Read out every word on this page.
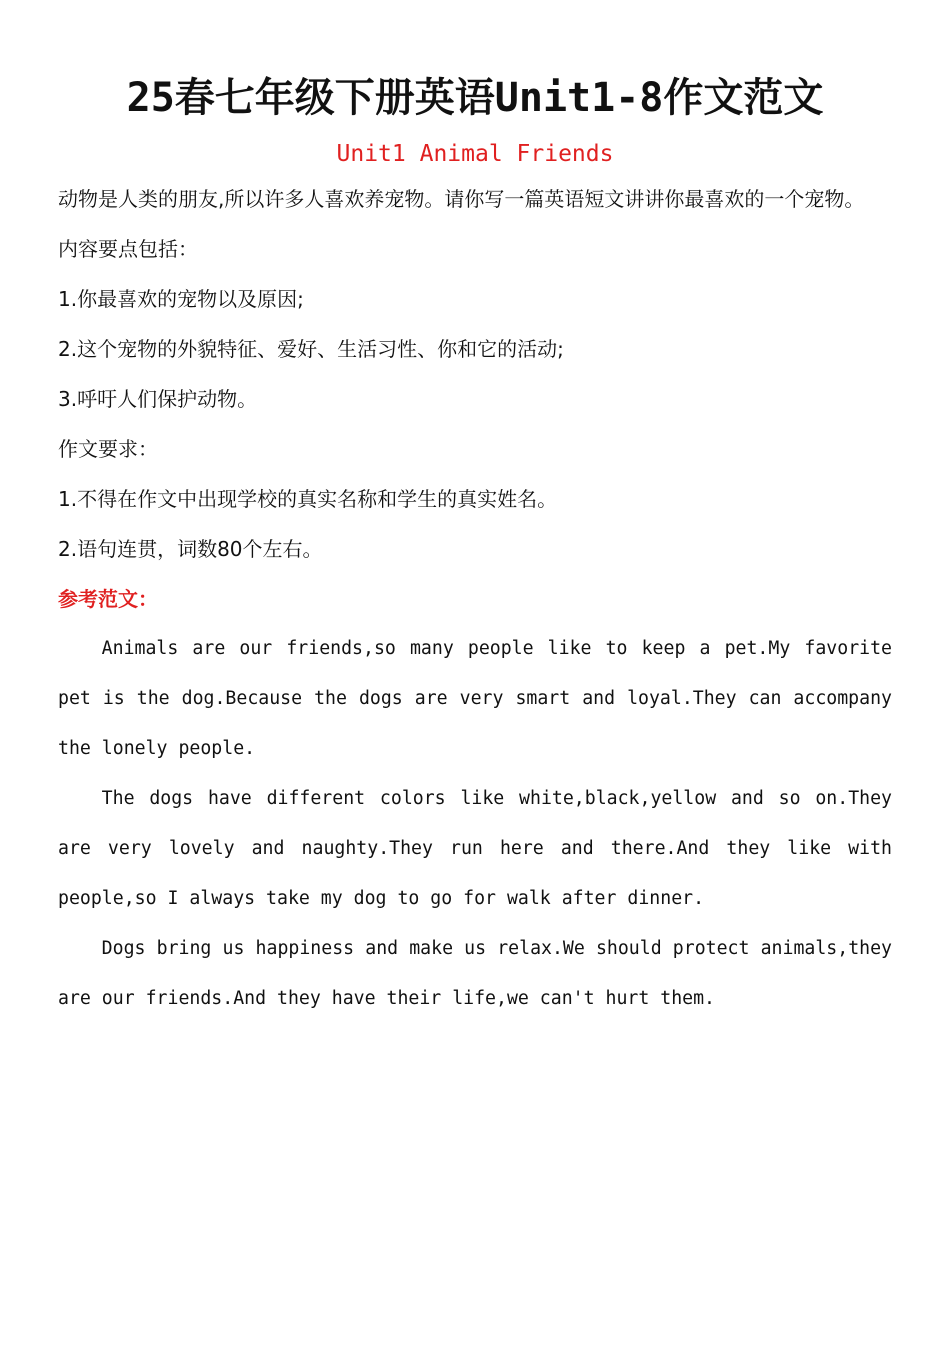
25春七年级下册英语Unit1-8作文范文
Unit1 Animal Friends
动物是人类的朋友,所以许多人喜欢养宠物。请你写一篇英语短文讲讲你最喜欢的一个宠物。
内容要点包括：
1.你最喜欢的宠物以及原因;
2.这个宠物的外貌特征、爱好、生活习性、你和它的活动;
3.呼吁人们保护动物。
作文要求：
1.不得在作文中出现学校的真实名称和学生的真实姓名。
2.语句连贯，词数80个左右。
参考范文：

Animals are our friends,so many people like to keep a pet.My favorite pet is the dog.Because the dogs are very smart and loyal.They can accompany the lonely people.

The dogs have different colors like white,black,yellow and so on.They are very lovely and naughty.They run here and there.And they like with people,so I always take my dog to go for walk after dinner.

Dogs bring us happiness and make us relax.We should protect animals,they are our friends.And they have their life,we can't hurt them.
